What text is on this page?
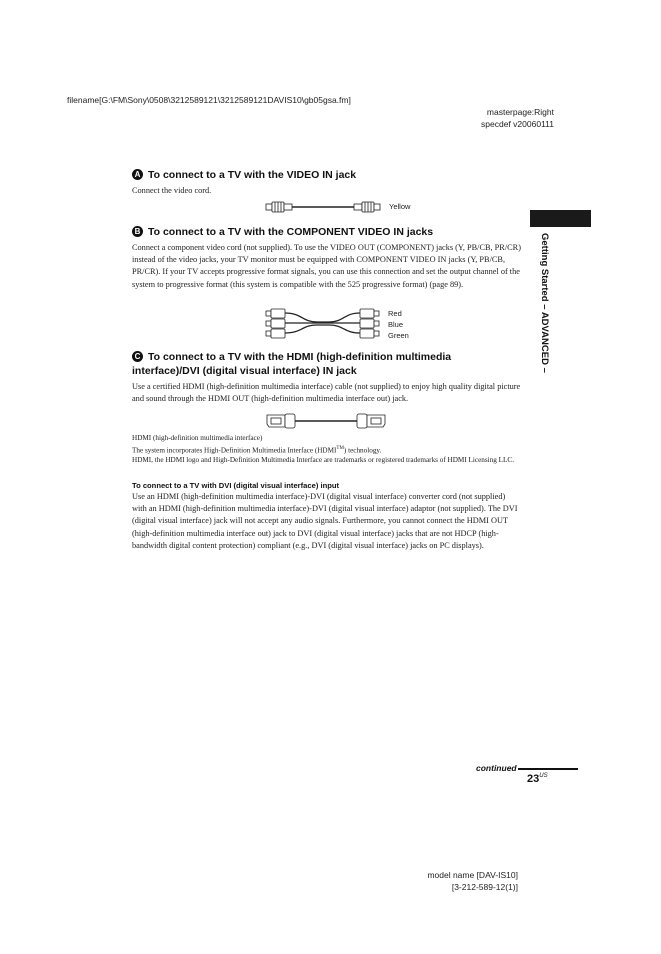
filename[G:\FM\Sony\0508\3212589121\3212589121DAVIS10\gb05gsa.fm]
masterpage:Right
specdef v20060111
A To connect to a TV with the VIDEO IN jack
Connect the video cord.
Yellow
B To connect to a TV with the COMPONENT VIDEO IN jacks
Connect a component video cord (not supplied). To use the VIDEO OUT (COMPONENT) jacks (Y, PB/CB, PR/CR) instead of the video jacks, your TV monitor must be equipped with COMPONENT VIDEO IN jacks (Y, PB/CB, PR/CR). If your TV accepts progressive format signals, you can use this connection and set the output channel of the system to progressive format (this system is compatible with the 525 progressive format) (page 89).
Red
Blue
Green
C To connect to a TV with the HDMI (high-definition multimedia
interface)/DVI (digital visual interface) IN jack
Use a certified HDMI (high-definition multimedia interface) cable (not supplied) to enjoy high quality digital picture and sound through the HDMI OUT (high-definition multimedia interface out) jack.
HDMI (high-definition multimedia interface)
The system incorporates High-Definition Multimedia Interface (HDMI™) technology.
HDMI, the HDMI logo and High-Definition Multimedia Interface are trademarks or registered trademarks of HDMI Licensing LLC.
To connect to a TV with DVI (digital visual interface) input
Use an HDMI (high-definition multimedia interface)-DVI (digital visual interface) converter cord (not supplied) with an HDMI (high-definition multimedia interface)-DVI (digital visual interface) adaptor (not supplied). The DVI (digital visual interface) jack will not accept any audio signals. Furthermore, you cannot connect the HDMI OUT (high-definition multimedia interface out) jack to DVI (digital visual interface) jacks that are not HDCP (high-bandwidth digital content protection) compliant (e.g., DVI (digital visual interface) jacks on PC displays).
Getting Started – ADVANCED –
continued
$23^{US}$
model name [DAV-IS10]
[3-212-589-12(1)]
